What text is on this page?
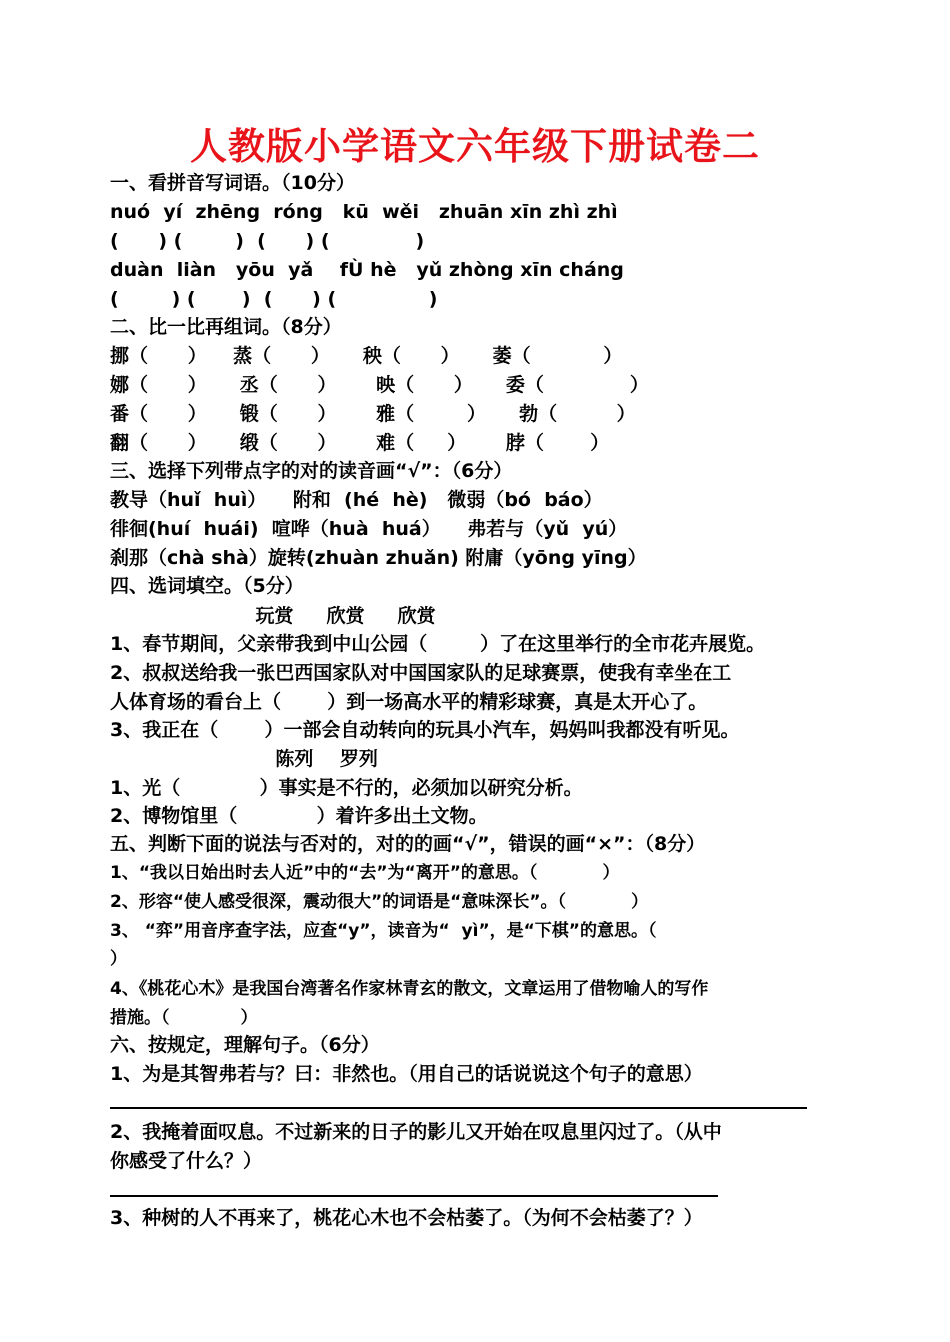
人教版小学语文六年级下册试卷二
一、看拼音写词语。（10分）
nuó  yí  zhēng  róng   kū  wěi   zhuān xīn zhì zhì
(      ) (        )  (      ) (             )
duàn  liàn   yōu  yǎ    fÙ hè   yǔ zhòng xīn cháng
(        ) (       )  (      ) (              )
二、比一比再组词。（8分）
挪（      ）    蒸（      ）     秧（      ）     萎（           ）
娜（      ）     丞（      ）      映（      ）     委（             ）
番（      ）     锻（      ）      雅（        ）     勃（         ）
翻（      ）     缎（      ）      难（     ）      脖（       ）
三、选择下列带点字的对的读音画“√”：（6分）
教导（huǐ  huì）    附和  (hé  hè)   微弱（bó  báo）
徘徊(huí  huái)  喧哗（huà  huá）    弗若与（yǔ  yú）
刹那（chà shà）旋转(zhuàn zhuǎn) 附庸（yōng yīng）
四、选词填空。（5分）
玩赏     欣赏     欣赏
1、春节期间，父亲带我到中山公园（        ）了在这里举行的全市花卉展览。
2、叔叔送给我一张巴西国家队对中国国家队的足球赛票，使我有幸坐在工
人体育场的看台上（       ）到一场高水平的精彩球赛，真是太开心了。
3、我正在（       ）一部会自动转向的玩具小汽车，妈妈叫我都没有听见。
陈列    罗列
1、光（            ）事实是不行的，必须加以研究分析。
2、博物馆里（            ）着许多出土文物。
五、判断下面的说法与否对的，对的的画“√”，错误的画“×”：（8分）
1、“我以日始出时去人近”中的“去”为“离开”的意思。（           ）
2、形容“使人感受很深，震动很大”的词语是“意味深长”。（           ）
3、 “弈”用音序查字法，应查“y”，读音为“  yì”，是“下棋”的意思。（
）
4、《桃花心木》是我国台湾著名作家林青玄的散文，文章运用了借物喻人的写作
措施。（            ）
六、按规定，理解句子。（6分）
1、为是其智弗若与？曰：非然也。（用自己的话说说这个句子的意思）
2、我掩着面叹息。不过新来的日子的影儿又开始在叹息里闪过了。（从中
你感受了什么？）
3、种树的人不再来了，桃花心木也不会枯萎了。（为何不会枯萎了？）
